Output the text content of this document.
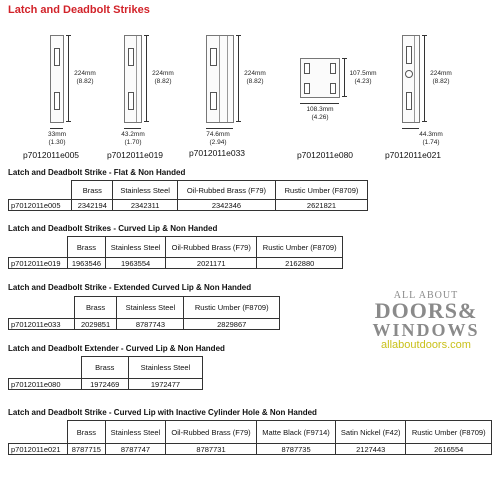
Latch and Deadbolt Strikes
224mm
(8.82)
33mm
(1.30)
p7012011e005
224mm
(8.82)
43.2mm
(1.70)
p7012011e019
224mm
(8.82)
74.6mm
(2.94)
p7012011e033
107.5mm
(4.23)
108.3mm
(4.26)
p7012011e080
224mm
(8.82)
44.3mm
(1.74)
p7012011e021
Latch and Deadbolt Strike - Flat & Non Handed
	Brass	Stainless Steel	Oil-Rubbed Brass (F79)	Rustic Umber (F8709)
p7012011e005	2342194	2342311	2342346	2621821
Latch and Deadbolt Strikes - Curved Lip & Non Handed
	Brass	Stainless Steel	Oil-Rubbed Brass (F79)	Rustic Umber (F8709)
p7012011e019	1963546	1963554	2021171	2162880
Latch and Deadbolt Strike - Extended Curved Lip & Non Handed
	Brass	Stainless Steel	Rustic Umber (F8709)
p7012011e033	2029851	8787743	2829867
Latch and Deadbolt Extender - Curved Lip & Non Handed
	Brass	Stainless Steel
p7012011e080	1972469	1972477
Latch and Deadbolt Strike - Curved Lip with Inactive Cylinder Hole & Non Handed
	Brass	Stainless Steel	Oil-Rubbed Brass (F79)	Matte Black (F9714)	Satin Nickel (F42)	Rustic Umber (F8709)
p7012011e021	8787715	8787747	8787731	8787735	2127443	2616554
ALL ABOUT
DOORS&
WINDOWS
allaboutdoors.com
